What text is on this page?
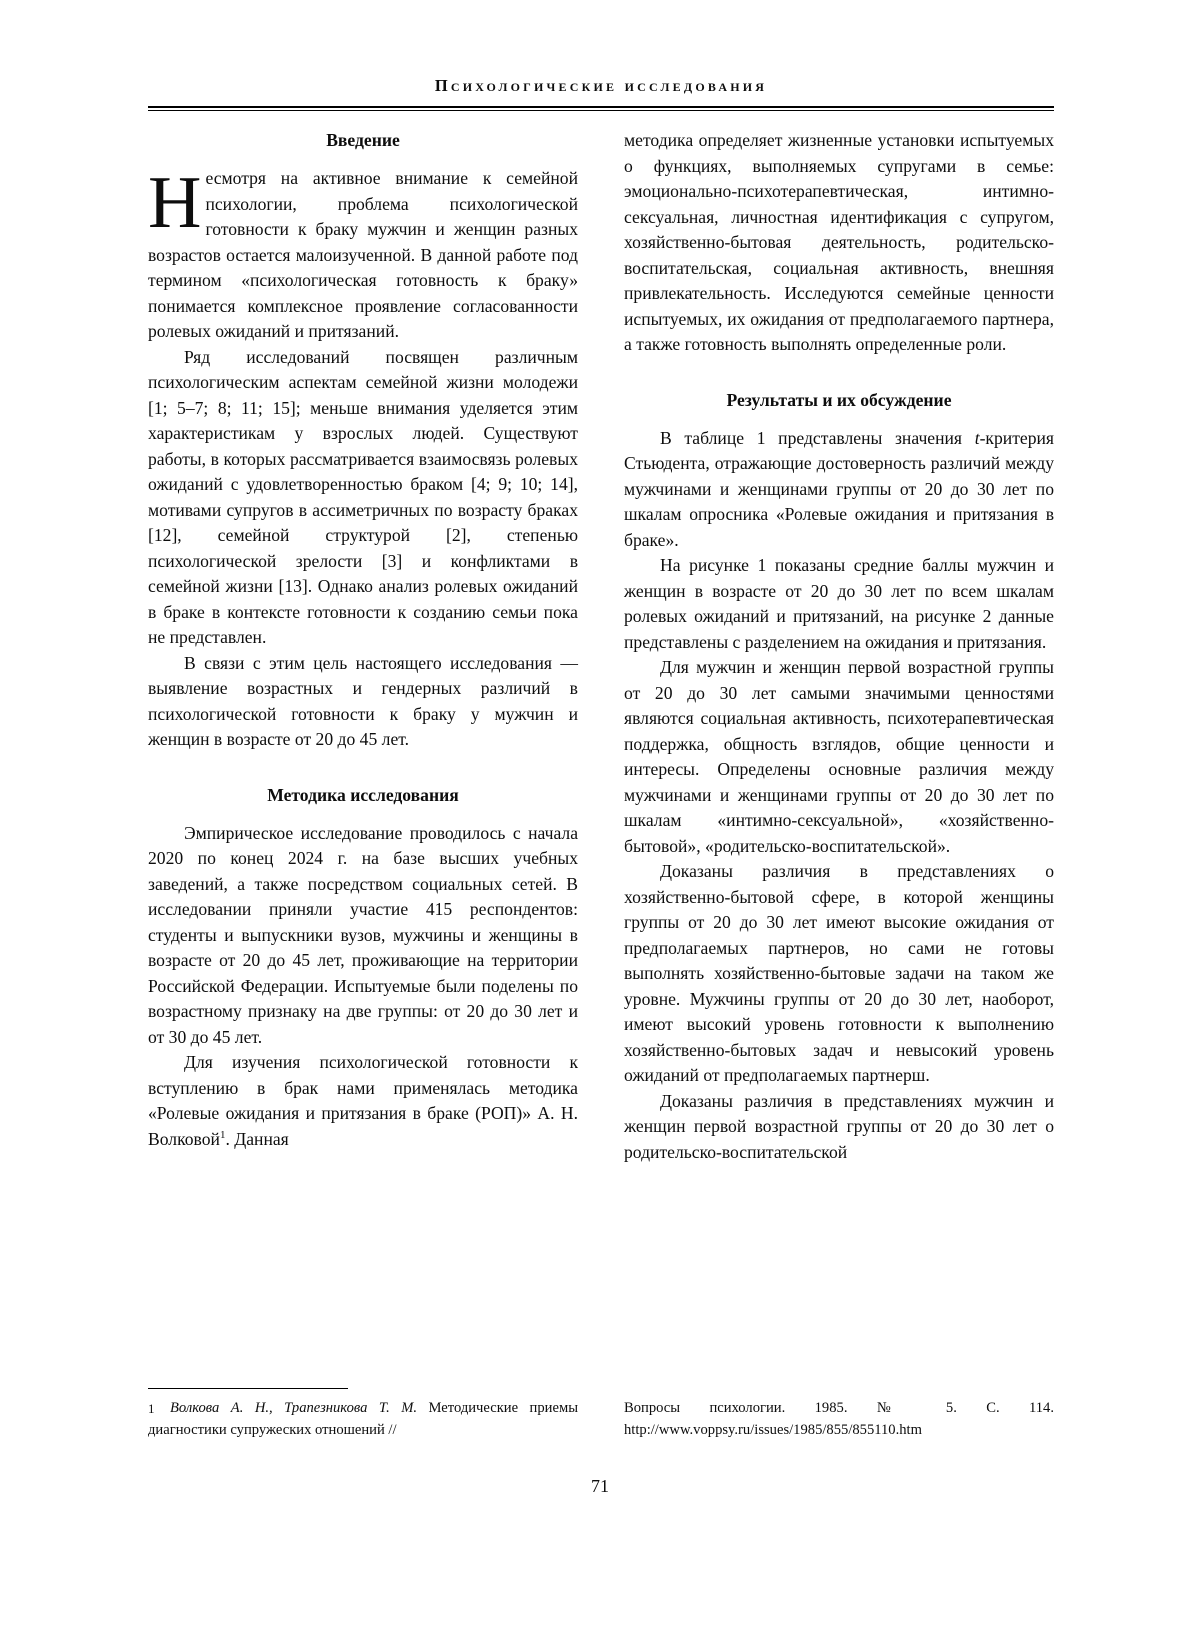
Психологические исследования
Введение

Несмотря на активное внимание к семейной психологии, проблема психологической готовности к браку мужчин и женщин разных возрастов остается малоизученной. В данной работе под термином «психологическая готовность к браку» понимается комплексное проявление согласованности ролевых ожиданий и притязаний.

Ряд исследований посвящен различным психологическим аспектам семейной жизни молодежи [1; 5–7; 8; 11; 15]; меньше внимания уделяется этим характеристикам у взрослых людей. Существуют работы, в которых рассматривается взаимосвязь ролевых ожиданий с удовлетворенностью браком [4; 9; 10; 14], мотивами супругов в ассиметричных по возрасту браках [12], семейной структурой [2], степенью психологической зрелости [3] и конфликтами в семейной жизни [13]. Однако анализ ролевых ожиданий в браке в контексте готовности к созданию семьи пока не представлен.

В связи с этим цель настоящего исследования — выявление возрастных и гендерных различий в психологической готовности к браку у мужчин и женщин в возрасте от 20 до 45 лет.

Методика исследования

Эмпирическое исследование проводилось с начала 2020 по конец 2024 г. на базе высших учебных заведений, а также посредством социальных сетей. В исследовании приняли участие 415 респондентов: студенты и выпускники вузов, мужчины и женщины в возрасте от 20 до 45 лет, проживающие на территории Российской Федерации. Испытуемые были поделены по возрастному признаку на две группы: от 20 до 30 лет и от 30 до 45 лет.

Для изучения психологической готовности к вступлению в брак нами применялась методика «Ролевые ожидания и притязания в браке (РОП)» А. Н. Волковой$^1$. Данная

методика определяет жизненные установки испытуемых о функциях, выполняемых супругами в семье: эмоционально-психотерапевтическая, интимно-сексуальная, личностная идентификация с супругом, хозяйственно-бытовая деятельность, родительско-воспитательская, социальная активность, внешняя привлекательность. Исследуются семейные ценности испытуемых, их ожидания от предполагаемого партнера, а также готовность выполнять определенные роли.

Результаты и их обсуждение

В таблице 1 представлены значения t-критерия Стьюдента, отражающие достоверность различий между мужчинами и женщинами группы от 20 до 30 лет по шкалам опросника «Ролевые ожидания и притязания в браке».

На рисунке 1 показаны средние баллы мужчин и женщин в возрасте от 20 до 30 лет по всем шкалам ролевых ожиданий и притязаний, на рисунке 2 данные представлены с разделением на ожидания и притязания.

Для мужчин и женщин первой возрастной группы от 20 до 30 лет самыми значимыми ценностями являются социальная активность, психотерапевтическая поддержка, общность взглядов, общие ценности и интересы. Определены основные различия между мужчинами и женщинами группы от 20 до 30 лет по шкалам «интимно-сексуальной», «хозяйственно-бытовой», «родительско-воспитательской».

Доказаны различия в представлениях о хозяйственно-бытовой сфере, в которой женщины группы от 20 до 30 лет имеют высокие ожидания от предполагаемых партнеров, но сами не готовы выполнять хозяйственно-бытовые задачи на таком же уровне. Мужчины группы от 20 до 30 лет, наоборот, имеют высокий уровень готовности к выполнению хозяйственно-бытовых задач и невысокий уровень ожиданий от предполагаемых партнерш.

Доказаны различия в представлениях мужчин и женщин первой возрастной группы от 20 до 30 лет о родительско-воспитательской

1 Волкова А. Н., Трапезникова Т. М. Методические приемы диагностики супружеских отношений //
Вопросы психологии. 1985. № 5. С. 114. http://www.voppsy.ru/issues/1985/855/855110.htm
71
